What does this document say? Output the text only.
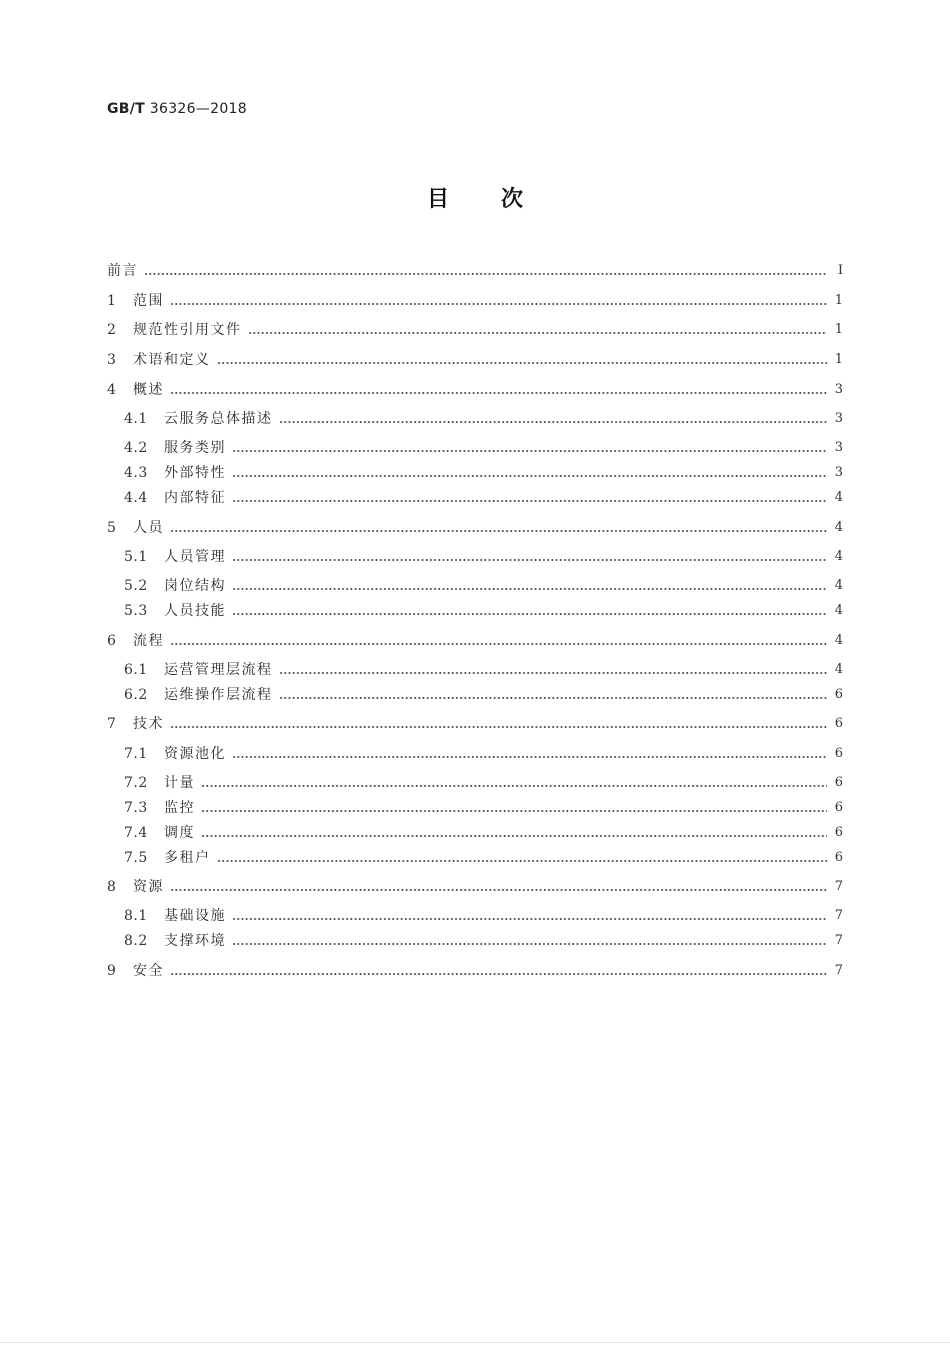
GB/T 36326—2018
目次
前言	Ⅰ
1	范围	1
2	规范性引用文件	1
3	术语和定义	1
4	概述	3
4.1	云服务总体描述	3
4.2	服务类别	3
4.3	外部特性	3
4.4	内部特征	4
5	人员	4
5.1	人员管理	4
5.2	岗位结构	4
5.3	人员技能	4
6	流程	4
6.1	运营管理层流程	4
6.2	运维操作层流程	6
7	技术	6
7.1	资源池化	6
7.2	计量	6
7.3	监控	6
7.4	调度	6
7.5	多租户	6
8	资源	7
8.1	基础设施	7
8.2	支撑环境	7
9	安全	7
